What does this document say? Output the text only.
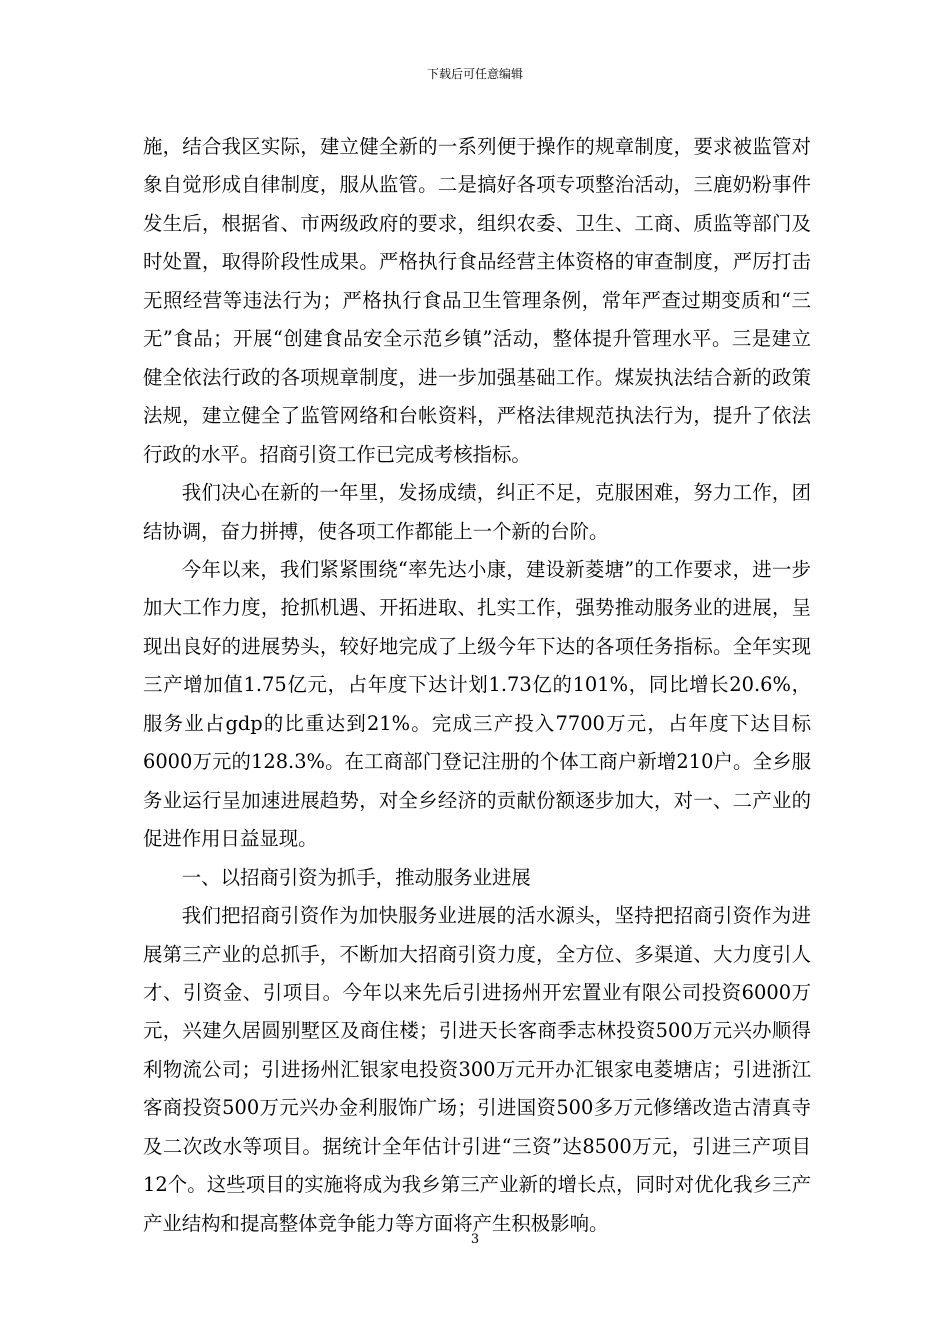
下载后可任意编辑

施，结合我区实际，建立健全新的一系列便于操作的规章制度，要求被监管对象自觉形成自律制度，服从监管。二是搞好各项专项整治活动，三鹿奶粉事件发生后，根据省、市两级政府的要求，组织农委、卫生、工商、质监等部门及时处置，取得阶段性成果。严格执行食品经营主体资格的审查制度，严厉打击无照经营等违法行为；严格执行食品卫生管理条例，常年严查过期变质和“三无”食品；开展“创建食品安全示范乡镇”活动，整体提升管理水平。三是建立健全依法行政的各项规章制度，进一步加强基础工作。煤炭执法结合新的政策法规，建立健全了监管网络和台帐资料，严格法律规范执法行为，提升了依法行政的水平。招商引资工作已完成考核指标。

我们决心在新的一年里，发扬成绩，纠正不足，克服困难，努力工作，团结协调，奋力拼搏，使各项工作都能上一个新的台阶。

今年以来，我们紧紧围绕“率先达小康，建设新菱塘”的工作要求，进一步加大工作力度，抢抓机遇、开拓进取、扎实工作，强势推动服务业的进展，呈现出良好的进展势头，较好地完成了上级今年下达的各项任务指标。全年实现三产增加值1.75亿元，占年度下达计划1.73亿的101%，同比增长20.6%，服务业占gdp的比重达到21%。完成三产投入7700万元，占年度下达目标6000万元的128.3%。在工商部门登记注册的个体工商户新增210户。全乡服务业运行呈加速进展趋势，对全乡经济的贡献份额逐步加大，对一、二产业的促进作用日益显现。

一、以招商引资为抓手，推动服务业进展

我们把招商引资作为加快服务业进展的活水源头，坚持把招商引资作为进展第三产业的总抓手，不断加大招商引资力度，全方位、多渠道、大力度引人才、引资金、引项目。今年以来先后引进扬州开宏置业有限公司投资6000万元，兴建久居圆别墅区及商住楼；引进天长客商季志林投资500万元兴办顺得利物流公司；引进扬州汇银家电投资300万元开办汇银家电菱塘店；引进浙江客商投资500万元兴办金利服饰广场；引进国资500多万元修缮改造古清真寺及二次改水等项目。据统计全年估计引进“三资”达8500万元，引进三产项目12个。这些项目的实施将成为我乡第三产业新的增长点，同时对优化我乡三产产业结构和提高整体竞争能力等方面将产生积极影响。

3
